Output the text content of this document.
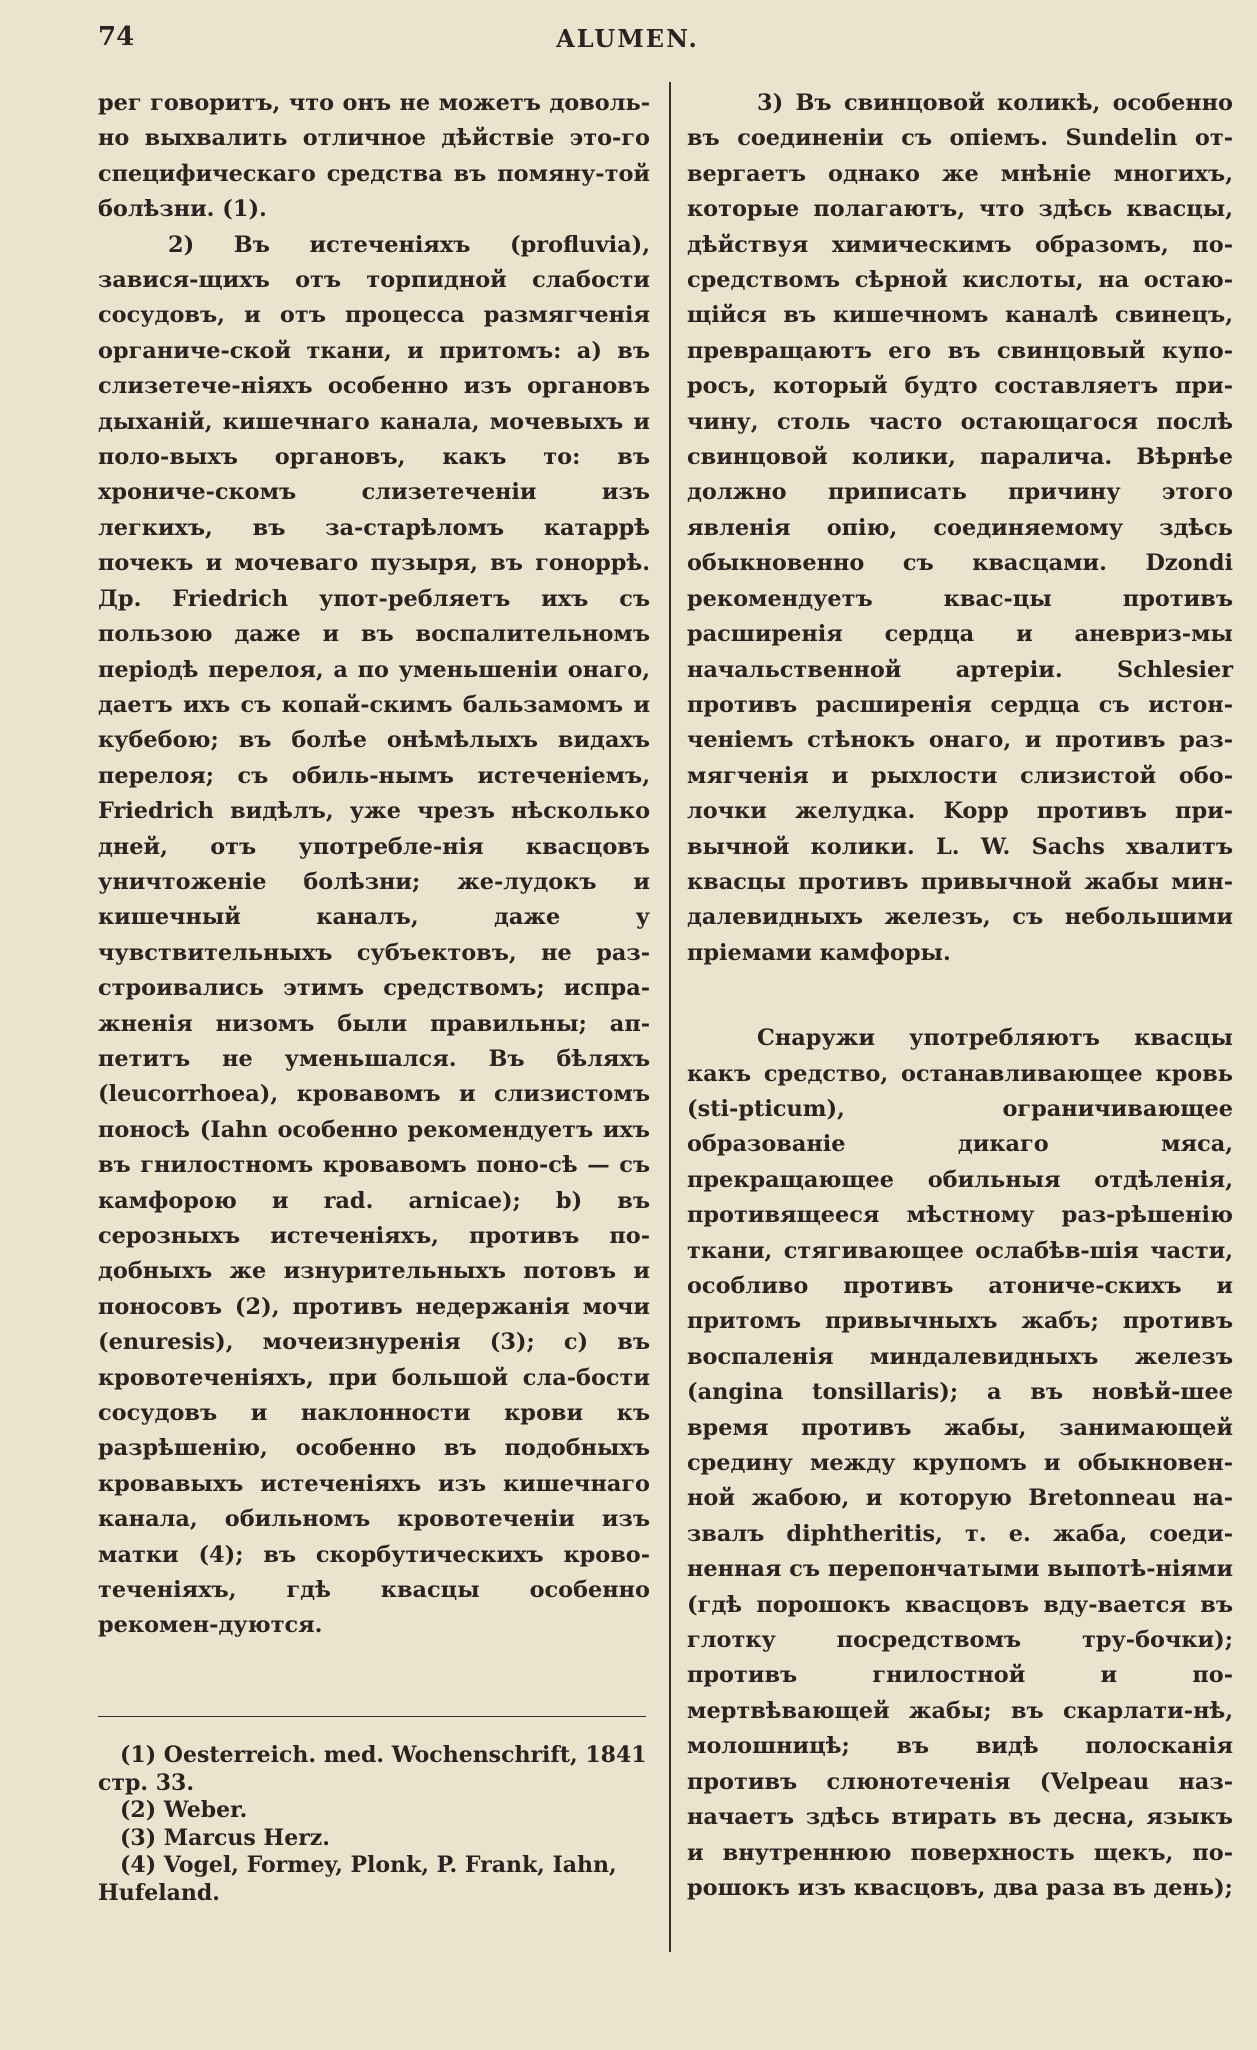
74	ALUMEN.

рег говоритъ, что онъ не можетъ доволь-но выхвалить отличное дѣйствіе это-го специфическаго средства въ помяну-той болѣзни. (1).

2) Въ истеченіяхъ (profluvia), завися-щихъ отъ торпидной слабости сосудовъ, и отъ процесса размягченія органиче-ской ткани, и притомъ: а) въ слизетече-ніяхъ особенно изъ органовъ дыханій, кишечнаго канала, мочевыхъ и поло-выхъ органовъ, какъ то: въ хрониче-скомъ слизетеченіи изъ легкихъ, въ за-старѣломъ катаррѣ почекъ и мочеваго пузыря, въ гоноррѣ. Др. Friedrich упот-ребляетъ ихъ съ пользою даже и въ воспалительномъ періодѣ перелоя, а по уменьшеніи онаго, даетъ ихъ съ копай-скимъ бальзамомъ и кубебою; въ болѣе онѣмѣлыхъ видахъ перелоя; съ обиль-нымъ истеченіемъ, Friedrich видѣлъ, уже чрезъ нѣсколько дней, отъ употребле-нія квасцовъ уничтоженіе болѣзни; же-лудокъ и кишечный каналъ, даже у чувствительныхъ субъектовъ, не раз-строивались этимъ средствомъ; испра-жненія низомъ были правильны; ап-петитъ не уменьшался. Въ бѣляхъ (leucorrhoea), кровавомъ и слизистомъ поносѣ (Iahn особенно рекомендуетъ ихъ въ гнилостномъ кровавомъ поно-сѣ — съ камфорою и rad. arnicae); b) въ серозныхъ истеченіяхъ, противъ по-добныхъ же изнурительныхъ потовъ и поносовъ (2), противъ недержанія мочи (enuresis), мочеизнуренія (3); c) въ кровотеченіяхъ, при большой сла-бости сосудовъ и наклонности крови къ разрѣшенію, особенно въ подобныхъ кровавыхъ истеченіяхъ изъ кишечнаго канала, обильномъ кровотеченіи изъ матки (4); въ скорбутическихъ крово-теченіяхъ, гдѣ квасцы особенно рекомен-дуются.

3) Въ свинцовой коликѣ, особенно въ соединеніи съ опіемъ. Sundelin от-вергаетъ однако же мнѣніе многихъ, которые полагаютъ, что здѣсь квасцы, дѣйствуя химическимъ образомъ, по-средствомъ сѣрной кислоты, на остаю-щійся въ кишечномъ каналѣ свинецъ, превращаютъ его въ свинцовый купо-росъ, который будто составляетъ при-чину, столь часто остающагося послѣ свинцовой колики, паралича. Вѣрнѣе должно приписать причину этого явленія опію, соединяемому здѣсь обыкновенно съ квасцами. Dzondi рекомендуетъ квас-цы противъ расширенія сердца и аневриз-мы начальственной артеріи. Schlesier противъ расширенія сердца съ истон-ченіемъ стѣнокъ онаго, и противъ раз-мягченія и рыхлости слизистой обо-лочки желудка. Kopp противъ при-вычной колики. L. W. Sachs хвалитъ квасцы противъ привычной жабы мин-далевидныхъ железъ, съ небольшими пріемами камфоры.

Снаружи употребляютъ квасцы какъ средство, останавливающее кровь (sti-pticum), ограничивающее образованіе дикаго мяса, прекращающее обильныя отдѣленія, противящееся мѣстному раз-рѣшенію ткани, стягивающее ослабѣв-шія части, особливо противъ атониче-скихъ и притомъ привычныхъ жабъ; противъ воспаленія миндалевидныхъ железъ (angina tonsillaris); а въ новѣй-шее время противъ жабы, занимающей средину между крупомъ и обыкновен-ной жабою, и которую Bretonneau на-звалъ diphtheritis, т. е. жаба, соеди-ненная съ перепончатыми выпотѣ-ніями (гдѣ порошокъ квасцовъ вду-вается въ глотку посредствомъ тру-бочки); противъ гнилостной и по-мертвѣвающей жабы; въ скарлати-нѣ, молошницѣ; въ видѣ полосканія противъ слюнотеченія (Velpeau наз-начаетъ здѣсь втирать въ десна, языкъ и внутреннюю поверхность щекъ, по-рошокъ изъ квасцовъ, два раза въ день);

(1) Oesterreich. med. Wochenschrift, 1841 стр. 33.

(2) Weber.

(3) Marcus Herz.

(4) Vogel, Formey, Plonk, P. Frank, Iahn, Hufeland.
